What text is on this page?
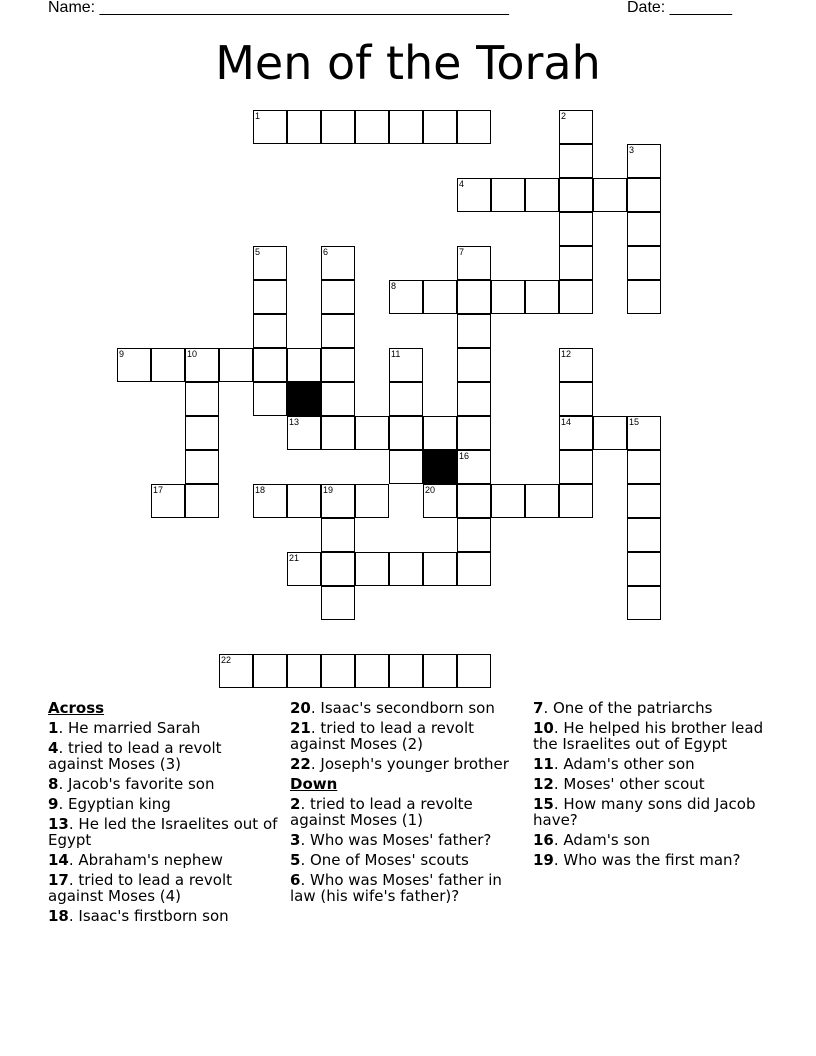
Name: ______________________________________________	Date: _______
Men of the Torah
1	2
3
4
5	6	7
8
9	10	11	12
13	14	15
16
17	18	19	20
21
22
Across
1. He married Sarah
4. tried to lead a revolt against Moses (3)
8. Jacob's favorite son
9. Egyptian king
13. He led the Israelites out of Egypt
14. Abraham's nephew
17. tried to lead a revolt against Moses (4)
18. Isaac's firstborn son
20. Isaac's secondborn son
21. tried to lead a revolt against Moses (2)
22. Joseph's younger brother
Down
2. tried to lead a revolte against Moses (1)
3. Who was Moses' father?
5. One of Moses' scouts
6. Who was Moses' father in law (his wife's father)?
7. One of the patriarchs
10. He helped his brother lead the Israelites out of Egypt
11. Adam's other son
12. Moses' other scout
15. How many sons did Jacob have?
16. Adam's son
19. Who was the first man?
